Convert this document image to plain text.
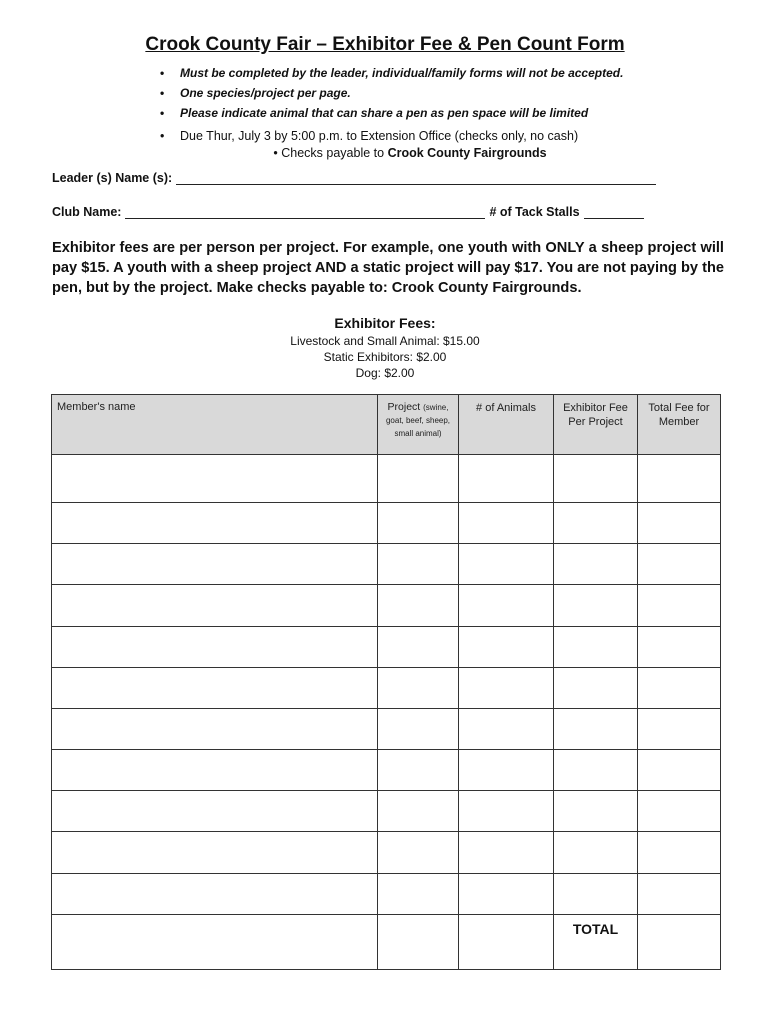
Crook County Fair – Exhibitor Fee & Pen Count Form
• Must be completed by the leader, individual/family forms will not be accepted.
• One species/project per page.
• Please indicate animal that can share a pen as pen space will be limited
• Due Thur, July 3 by 5:00 p.m. to Extension Office (checks only, no cash)
• Checks payable to Crook County Fairgrounds
Leader (s) Name (s):
Club Name:	# of Tack Stalls
Exhibitor fees are per person per project. For example, one youth with ONLY a sheep project will pay $15. A youth with a sheep project AND a static project will pay $17. You are not paying by the pen, but by the project. Make checks payable to: Crook County Fairgrounds.
Exhibitor Fees:
Livestock and Small Animal: $15.00
Static Exhibitors: $2.00
Dog: $2.00
Member's name	Project (swine, goat, beef, sheep, small animal)	# of Animals	Exhibitor Fee Per Project	Total Fee for Member

			TOTAL	
